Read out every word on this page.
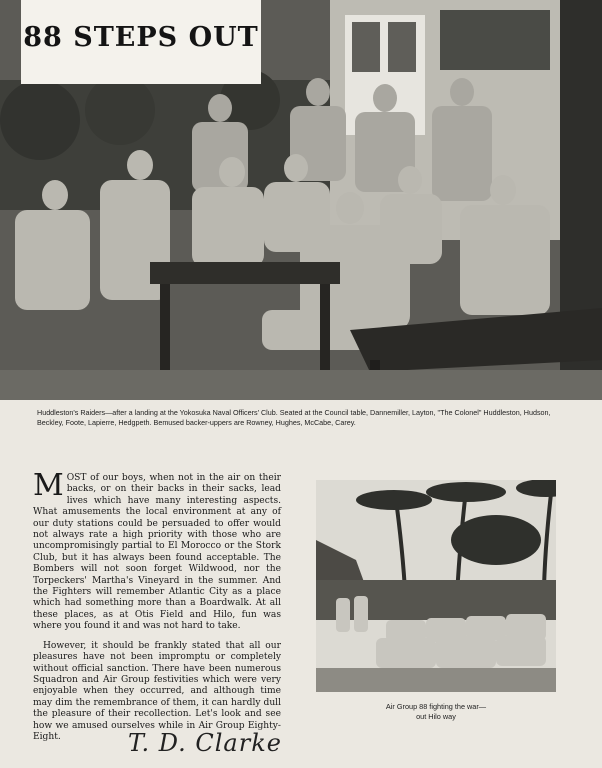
88 STEPS OUT
Huddleston's Raiders—after a landing at the Yokosuka Naval Officers' Club. Seated at the Council table, Dannemiller, Layton, "The Colonel" Huddleston, Hudson, Beckley, Foote, Lapierre, Hedgpeth. Bemused backer-uppers are Rowney, Hughes, McCabe, Carey.

MOST of our boys, when not in the air on their backs, or on their backs in their sacks, lead lives which have many interesting aspects. What amusements the local environment at any of our duty stations could be persuaded to offer would not always rate a high priority with those who are uncompromisingly partial to El Morocco or the Stork Club, but it has always been found acceptable. The Bombers will not soon forget Wildwood, nor the Torpeckers' Martha's Vineyard in the summer. And the Fighters will remember Atlantic City as a place which had something more than a Boardwalk. At all these places, as at Otis Field and Hilo, fun was where you found it and was not hard to take.

However, it should be frankly stated that all our pleasures have not been impromptu or completely without official sanction. There have been numerous Squadron and Air Group festivities which were very enjoyable when they occurred, and although time may dim the remembrance of them, it can hardly dull the pleasure of their recollection. Let's look and see how we amused ourselves while in Air Group Eighty-Eight.	T. D. Clarke
Air Group 88 fighting the war—
out Hilo way
